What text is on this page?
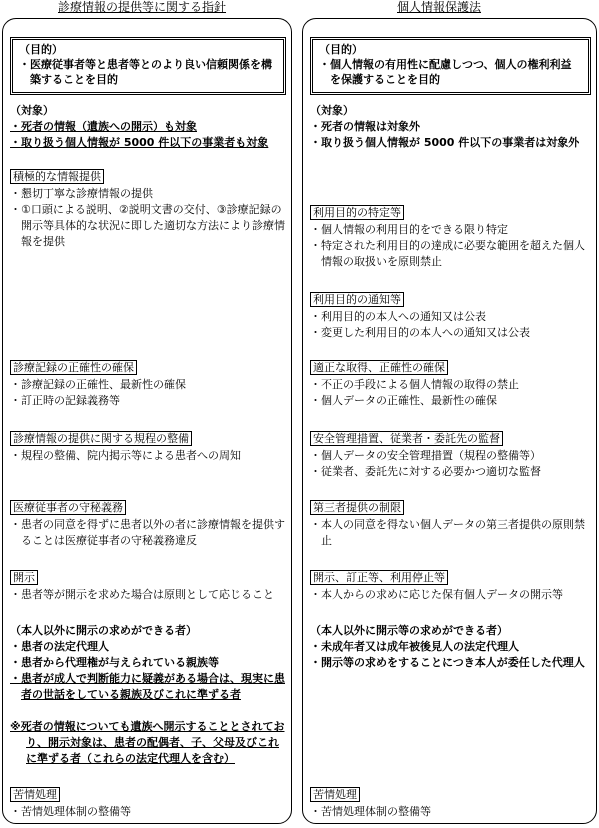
診療情報の提供等に関する指針	個人情報保護法
（目的）
・医療従事者等と患者等とのより良い信頼関係を構築することを目的
（対象）
・死者の情報（遺族への開示）も対象
・取り扱う個人情報が 5000 件以下の事業者も対象
積極的な情報提供
・懇切丁寧な診療情報の提供
・①口頭による説明、②説明文書の交付、③診療記録の開示等具体的な状況に即した適切な方法により診療情報を提供
診療記録の正確性の確保
・診療記録の正確性、最新性の確保
・訂正時の記録義務等
診療情報の提供に関する規程の整備
・規程の整備、院内掲示等による患者への周知
医療従事者の守秘義務
・患者の同意を得ずに患者以外の者に診療情報を提供することは医療従事者の守秘義務違反
開示
・患者等が開示を求めた場合は原則として応じること
（本人以外に開示の求めができる者）
・患者の法定代理人
・患者から代理権が与えられている親族等
・患者が成人で判断能力に疑義がある場合は、現実に患者の世話をしている親族及びこれに準ずる者
※死者の情報についても遺族へ開示することとされており、開示対象は、患者の配偶者、子、父母及びこれに準ずる者（これらの法定代理人を含む）
苦情処理
・苦情処理体制の整備等
（目的）
・個人情報の有用性に配慮しつつ、個人の権利利益を保護することを目的
（対象）
・死者の情報は対象外
・取り扱う個人情報が 5000 件以下の事業者は対象外
利用目的の特定等
・個人情報の利用目的をできる限り特定
・特定された利用目的の達成に必要な範囲を超えた個人情報の取扱いを原則禁止
利用目的の通知等
・利用目的の本人への通知又は公表
・変更した利用目的の本人への通知又は公表
適正な取得、正確性の確保
・不正の手段による個人情報の取得の禁止
・個人データの正確性、最新性の確保
安全管理措置、従業者・委託先の監督
・個人データの安全管理措置（規程の整備等）
・従業者、委託先に対する必要かつ適切な監督
第三者提供の制限
・本人の同意を得ない個人データの第三者提供の原則禁止
開示、訂正等、利用停止等
・本人からの求めに応じた保有個人データの開示等
（本人以外に開示等の求めができる者）
・未成年者又は成年被後見人の法定代理人
・開示等の求めをすることにつき本人が委任した代理人
苦情処理
・苦情処理体制の整備等
